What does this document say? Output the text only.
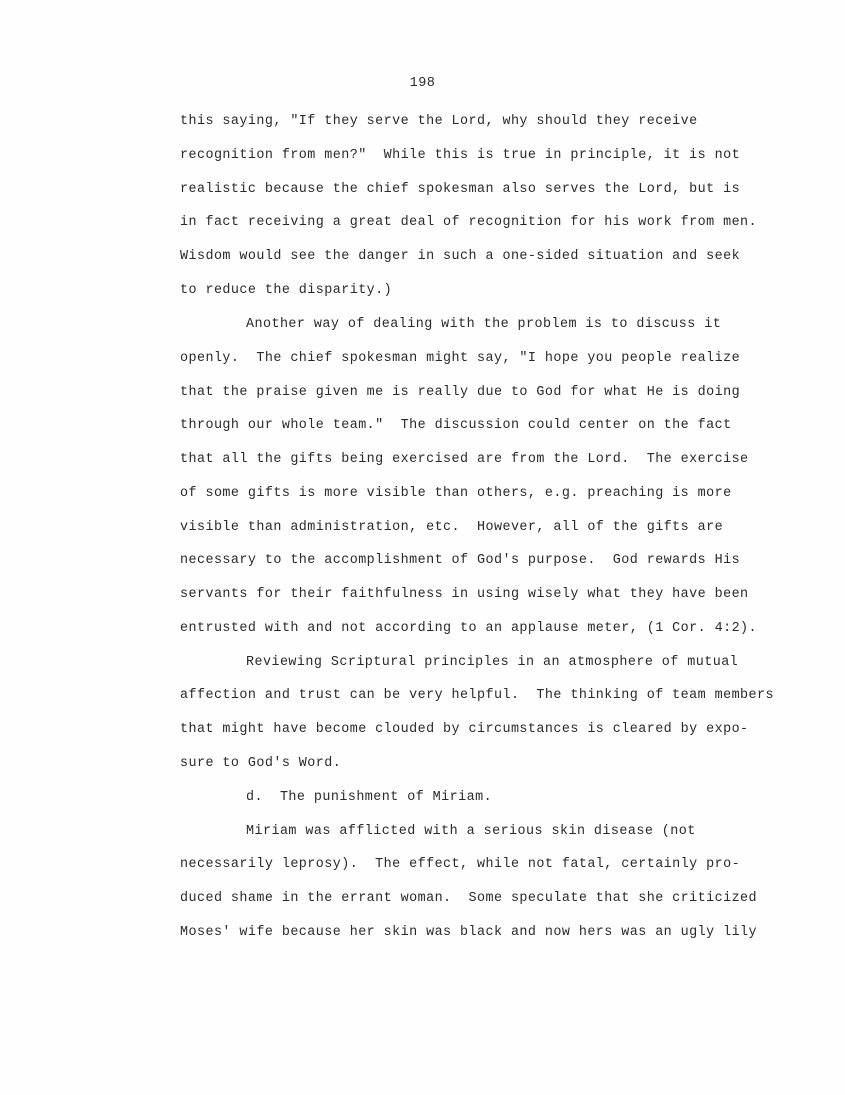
198
this saying, "If they serve the Lord, why should they receive
recognition from men?"  While this is true in principle, it is not
realistic because the chief spokesman also serves the Lord, but is
in fact receiving a great deal of recognition for his work from men.
Wisdom would see the danger in such a one-sided situation and seek
to reduce the disparity.)
Another way of dealing with the problem is to discuss it
openly.  The chief spokesman might say, "I hope you people realize
that the praise given me is really due to God for what He is doing
through our whole team."  The discussion could center on the fact
that all the gifts being exercised are from the Lord.  The exercise
of some gifts is more visible than others, e.g. preaching is more
visible than administration, etc.  However, all of the gifts are
necessary to the accomplishment of God's purpose.  God rewards His
servants for their faithfulness in using wisely what they have been
entrusted with and not according to an applause meter, (1 Cor. 4:2).
Reviewing Scriptural principles in an atmosphere of mutual
affection and trust can be very helpful.  The thinking of team members
that might have become clouded by circumstances is cleared by expo-
sure to God's Word.
d.  The punishment of Miriam.
Miriam was afflicted with a serious skin disease (not
necessarily leprosy).  The effect, while not fatal, certainly pro-
duced shame in the errant woman.  Some speculate that she criticized
Moses' wife because her skin was black and now hers was an ugly lily
